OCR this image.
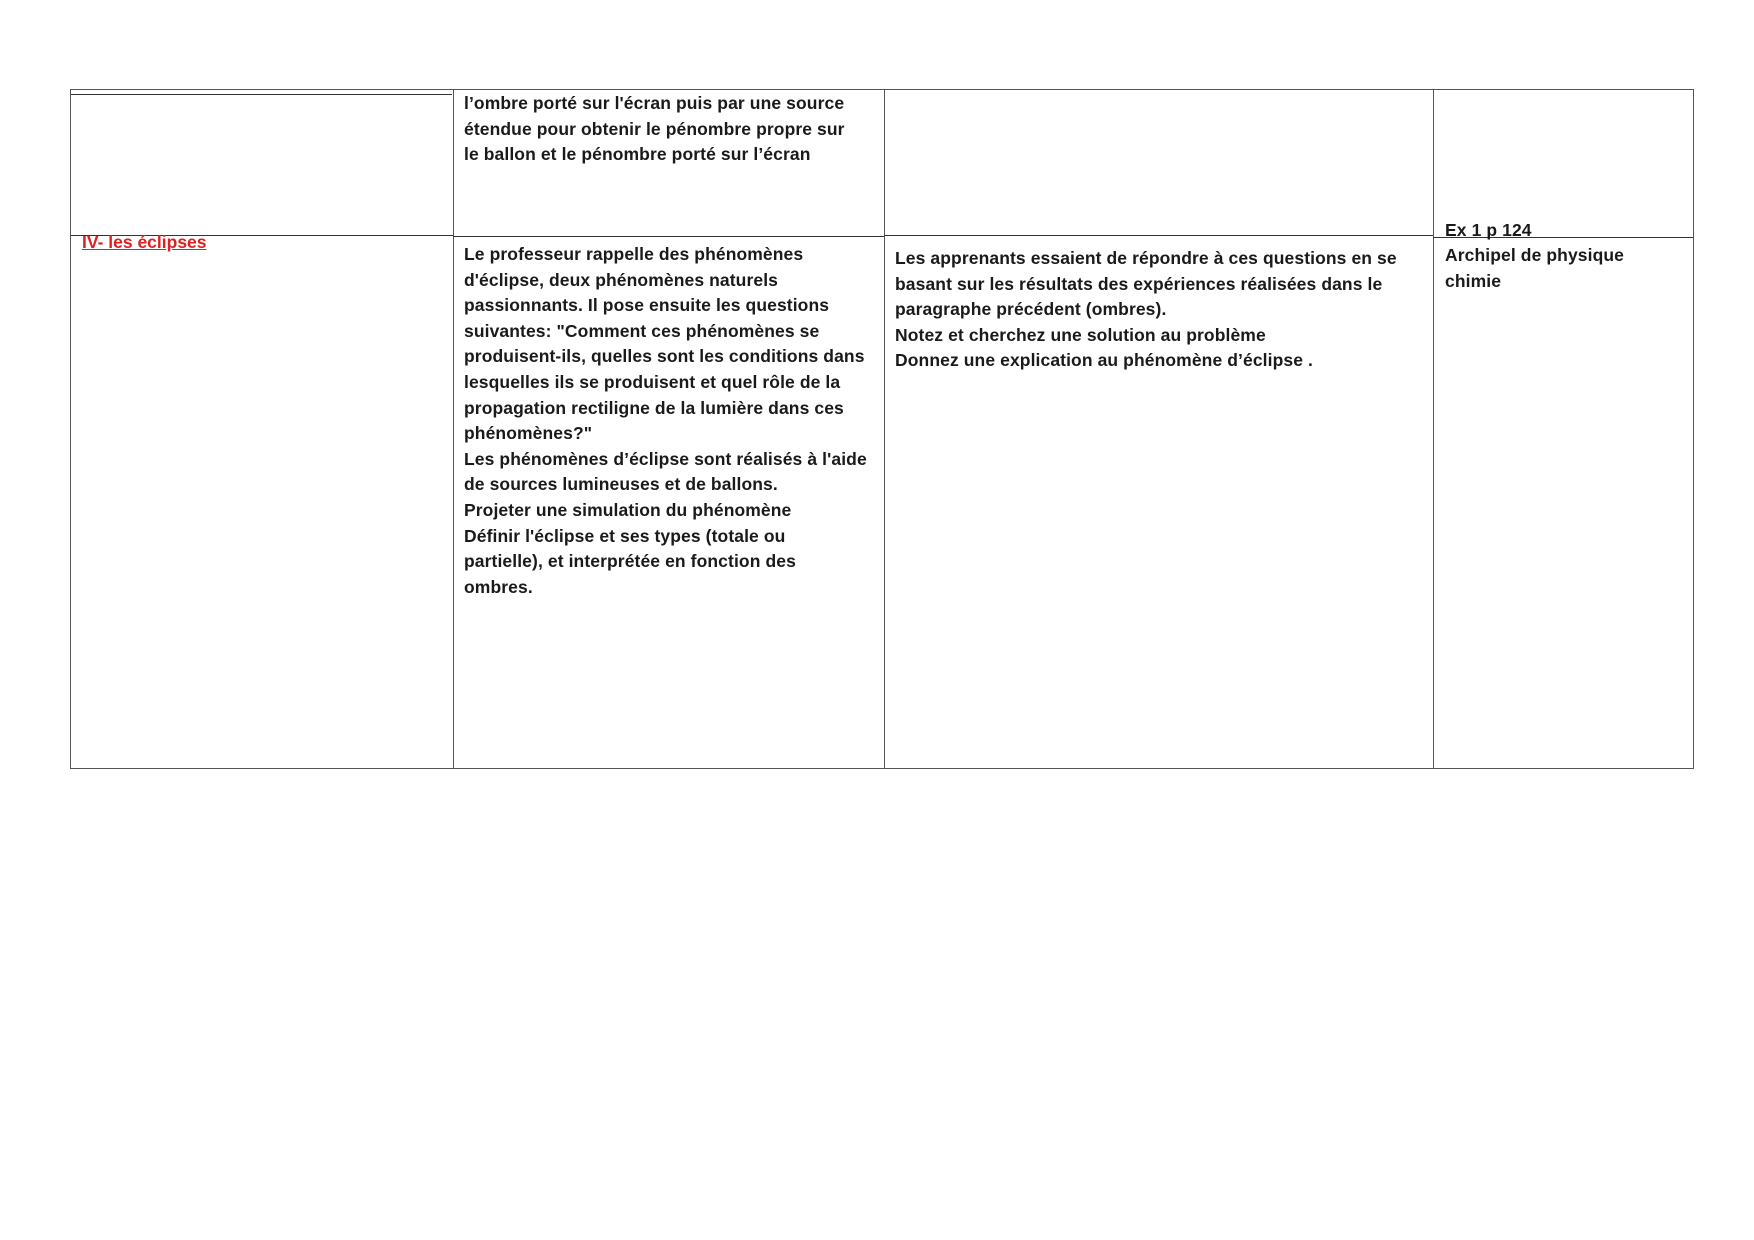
l’ombre porté sur l'écran puis par une source
étendue pour obtenir le pénombre propre sur
le ballon et le pénombre porté sur l’écran

Ex 1 p 124

IV- les éclipses

Le professeur rappelle des phénomènes
d'éclipse, deux phénomènes naturels
passionnants. Il pose ensuite les questions
suivantes: "Comment ces phénomènes se
produisent-ils, quelles sont les conditions dans
lesquelles ils se produisent et quel rôle de la
propagation rectiligne de la lumière dans ces
phénomènes?"
Les phénomènes d’éclipse sont réalisés à l'aide
de sources lumineuses et de ballons.
Projeter une simulation du phénomène
Définir l'éclipse et ses types (totale ou
partielle), et interprétée en fonction des
ombres.

Les apprenants essaient de répondre à ces questions en se
basant sur les résultats des expériences réalisées dans le
paragraphe précédent (ombres).
Notez et cherchez une solution au problème
Donnez une explication au phénomène d’éclipse .

Archipel de physique
chimie
